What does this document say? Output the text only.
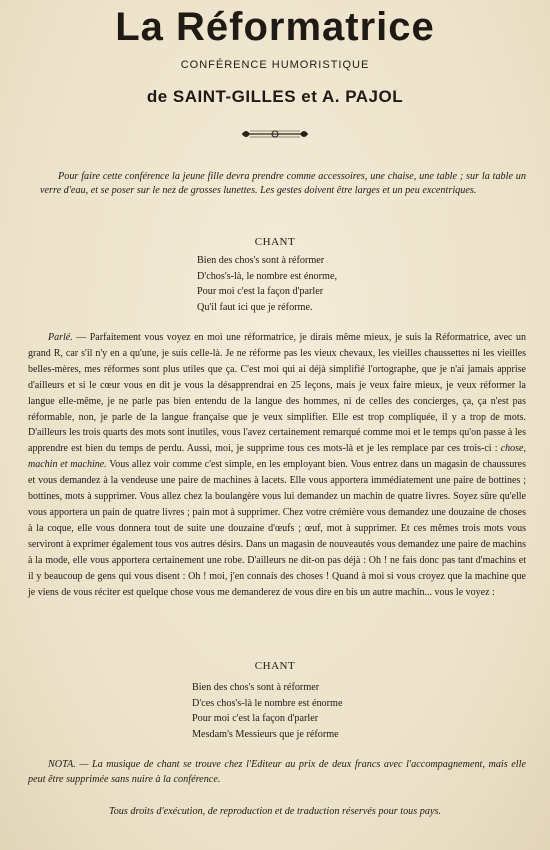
La Réformatrice
CONFÉRENCE HUMORISTIQUE
de SAINT-GILLES et A. PAJOL
Pour faire cette conférence la jeune fille devra prendre comme accessoires, une chaise, une table ; sur la table un verre d'eau, et se poser sur le nez de grosses lunettes. Les gestes doivent être larges et un peu excentriques.
CHANT
Bien des chos's sont à réformer
D'chos's-là, le nombre est énorme,
Pour moi c'est la façon d'parler
Qu'il faut ici que je réforme.
Parlé. — Parfaitement vous voyez en moi une réformatrice, je dirais même mieux, je suis la Réformatrice, avec un grand R, car s'il n'y en a qu'une, je suis celle-là. Je ne réforme pas les vieux chevaux, les vieilles chaussettes ni les vieilles belles-mères, mes réformes sont plus utiles que ça. C'est moi qui ai déjà simplifié l'ortographe, que je n'ai jamais apprise d'ailleurs et si le cœur vous en dit je vous la désapprendrai en 25 leçons, mais je veux faire mieux, je veux réformer la langue elle-même, je ne parle pas bien entendu de la langue des hommes, ni de celles des concierges, ça, ça n'est pas réformable, non, je parle de la langue française que je veux simplifier. Elle est trop compliquée, il y a trop de mots. D'ailleurs les trois quarts des mots sont inutiles, vous l'avez certainement remarqué comme moi et le temps qu'on passe à les apprendre est bien du temps de perdu. Aussi, moi, je supprime tous ces mots-là et je les remplace par ces trois-ci : chose, machin et machine. Vous allez voir comme c'est simple, en les employant bien. Vous entrez dans un magasin de chaussures et vous demandez à la vendeuse une paire de machines à lacets. Elle vous apportera immédiatement une paire de bottines ; bottines, mots à supprimer. Vous allez chez la boulangère vous lui demandez un machin de quatre livres. Soyez sûre qu'elle vous apportera un pain de quatre livres ; pain mot à supprimer. Chez votre crémière vous demandez une douzaine de choses à la coque, elle vous donnera tout de suite une douzaine d'œufs ; œuf, mot à supprimer. Et ces mêmes trois mots vous serviront à exprimer également tous vos autres désirs. Dans un magasin de nouveautés vous demandez une paire de machins à la mode, elle vous apportera certainement une robe. D'ailleurs ne dit-on pas déjà : Oh ! ne fais donc pas tant d'machins et il y beaucoup de gens qui vous disent : Oh ! moi, j'en connais des choses ! Quand à moi si vous croyez que la machine que je viens de vous réciter est quelque chose vous me demanderez de vous dire en bis un autre machin... vous le voyez :
CHANT
Bien des chos's sont à réformer
D'ces chos's-là le nombre est énorme
Pour moi c'est la façon d'parler
Mesdam's Messieurs que je réforme
NOTA. — La musique de chant se trouve chez l'Editeur au prix de deux francs avec l'accompagnement, mais elle peut être supprimée sans nuire à la conférence.
Tous droits d'exécution, de reproduction et de traduction réservés pour tous pays.
